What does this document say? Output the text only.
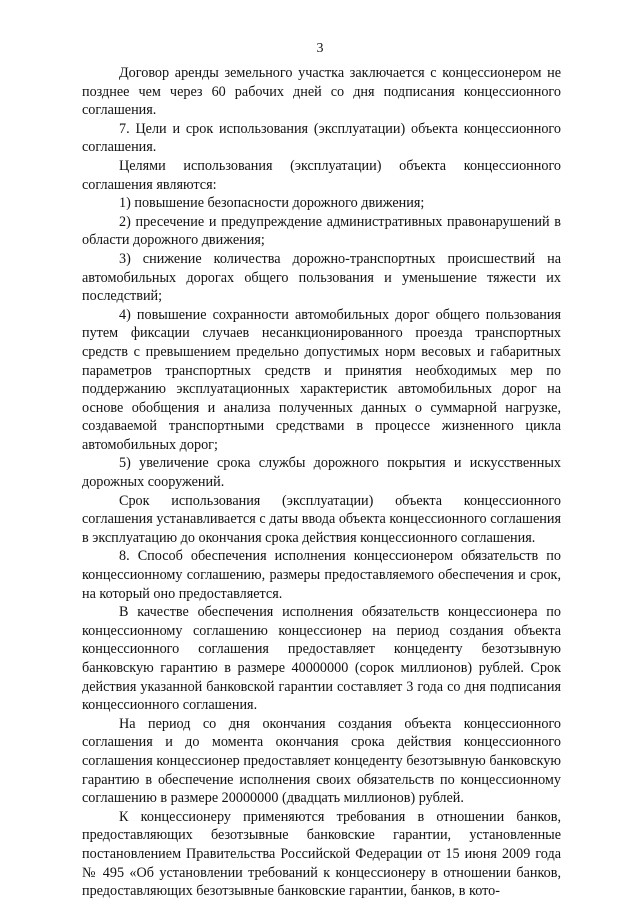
3

Договор аренды земельного участка заключается с концессионером не позднее чем через 60 рабочих дней со дня подписания концессионного соглашения.

7. Цели и срок использования (эксплуатации) объекта концессионного соглашения.

Целями использования (эксплуатации) объекта концессионного соглашения являются:

1) повышение безопасности дорожного движения;

2) пресечение и предупреждение административных правонарушений в области дорожного движения;

3) снижение количества дорожно-транспортных происшествий на автомобильных дорогах общего пользования и уменьшение тяжести их последствий;

4) повышение сохранности автомобильных дорог общего пользования путем фиксации случаев несанкционированного проезда транспортных средств с превышением предельно допустимых норм весовых и габаритных параметров транспортных средств и принятия необходимых мер по поддержанию эксплуатационных характеристик автомобильных дорог на основе обобщения и анализа полученных данных о суммарной нагрузке, создаваемой транспортными средствами в процессе жизненного цикла автомобильных дорог;

5) увеличение срока службы дорожного покрытия и искусственных дорожных сооружений.

Срок использования (эксплуатации) объекта концессионного соглашения устанавливается с даты ввода объекта концессионного соглашения в эксплуатацию до окончания срока действия концессионного соглашения.

8. Способ обеспечения исполнения концессионером обязательств по концессионному соглашению, размеры предоставляемого обеспечения и срок, на который оно предоставляется.

В качестве обеспечения исполнения обязательств концессионера по концессионному соглашению концессионер на период создания объекта концессионного соглашения предоставляет концеденту безотзывную банковскую гарантию в размере 40000000 (сорок миллионов) рублей. Срок действия указанной банковской гарантии составляет 3 года со дня подписания концессионного соглашения.

На период со дня окончания создания объекта концессионного соглашения и до момента окончания срока действия концессионного соглашения концессионер предоставляет концеденту безотзывную банковскую гарантию в обеспечение исполнения своих обязательств по концессионному соглашению в размере 20000000 (двадцать миллионов) рублей.

К концессионеру применяются требования в отношении банков, предоставляющих безотзывные банковские гарантии, установленные постановлением Правительства Российской Федерации от 15 июня 2009 года № 495 «Об установлении требований к концессионеру в отношении банков, предоставляющих безотзывные банковские гарантии, банков, в кото-
